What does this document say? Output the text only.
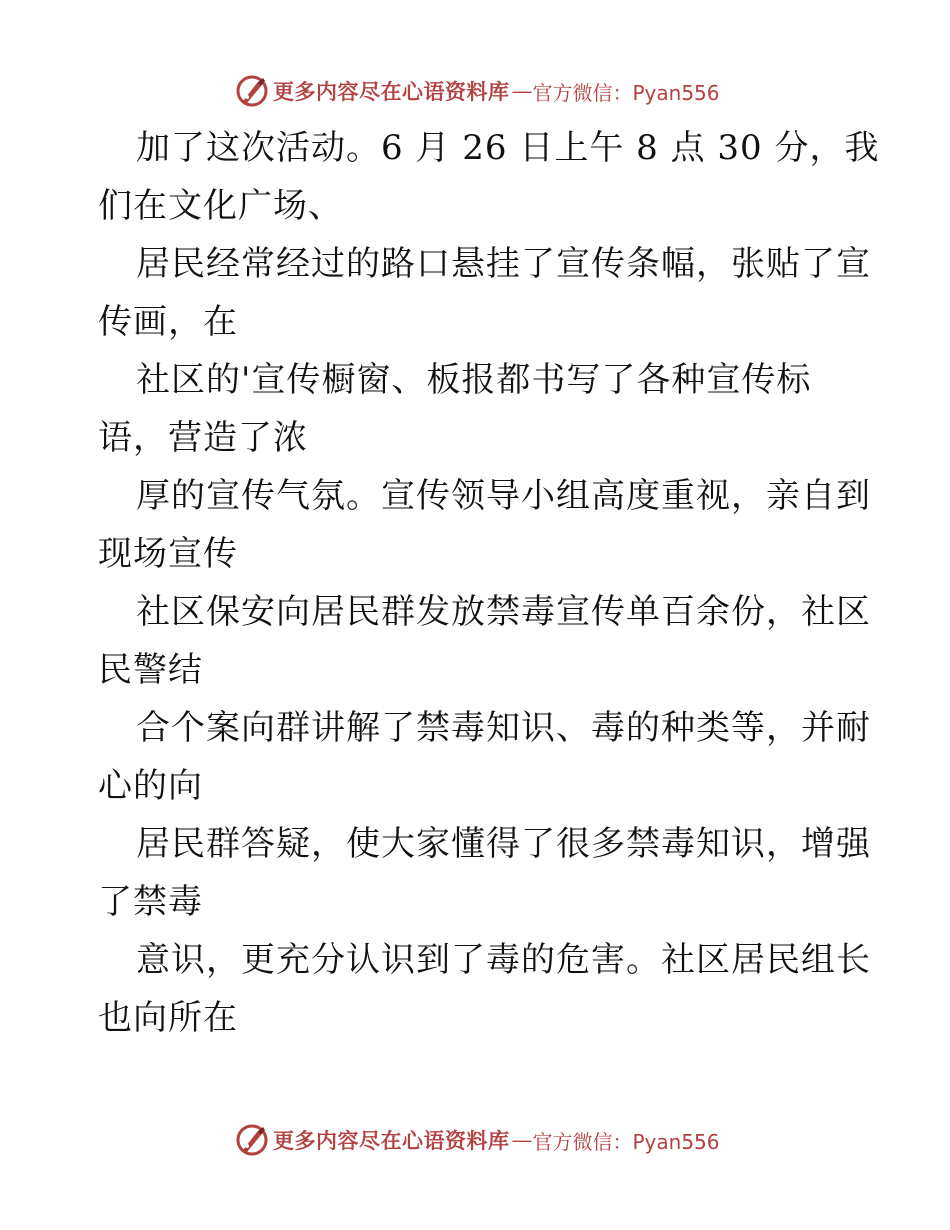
更多内容尽在心语资料库 — 官方微信：Pyan556
加了这次活动。6 月 26 日上午 8 点 30 分，我
们在文化广场、
居民经常经过的路口悬挂了宣传条幅，张贴了宣
传画，在
社区的'宣传橱窗、板报都书写了各种宣传标
语，营造了浓
厚的宣传气氛。宣传领导小组高度重视，亲自到
现场宣传
社区保安向居民群发放禁毒宣传单百余份，社区
民警结
合个案向群讲解了禁毒知识、毒的种类等，并耐
心的向
居民群答疑，使大家懂得了很多禁毒知识，增强
了禁毒
意识，更充分认识到了毒的危害。社区居民组长
也向所在
更多内容尽在心语资料库 — 官方微信：Pyan556
